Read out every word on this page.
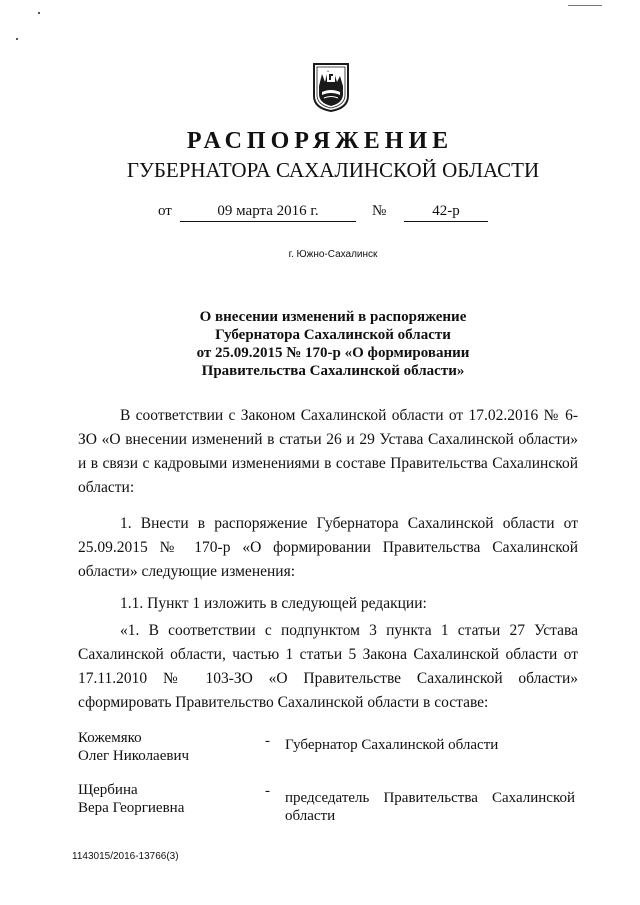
РАСПОРЯЖЕНИЕ
ГУБЕРНАТОРА САХАЛИНСКОЙ ОБЛАСТИ
от	09 марта 2016 г.	№	42-р
г. Южно-Сахалинск
О внесении изменений в распоряжение
Губернатора Сахалинской области
от 25.09.2015 № 170-р «О формировании
Правительства Сахалинской области»
В соответствии с Законом Сахалинской области от 17.02.2016 № 6-ЗО «О внесении изменений в статьи 26 и 29 Устава Сахалинской области» и в связи с кадровыми изменениями в составе Правительства Сахалинской области:
1. Внести в распоряжение Губернатора Сахалинской области от 25.09.2015 № 170-р «О формировании Правительства Сахалинской области» следующие изменения:
1.1. Пункт 1 изложить в следующей редакции:
«1. В соответствии с подпунктом 3 пункта 1 статьи 27 Устава Сахалинской области, частью 1 статьи 5 Закона Сахалинской области от 17.11.2010 № 103-ЗО «О Правительстве Сахалинской области» сформировать Правительство Сахалинской области в составе:
Кожемяко
Олег Николаевич
- Губернатор Сахалинской области
Щербина
Вера Георгиевна
- председатель Правительства Сахалинской области
1143015/2016-13766(3)
